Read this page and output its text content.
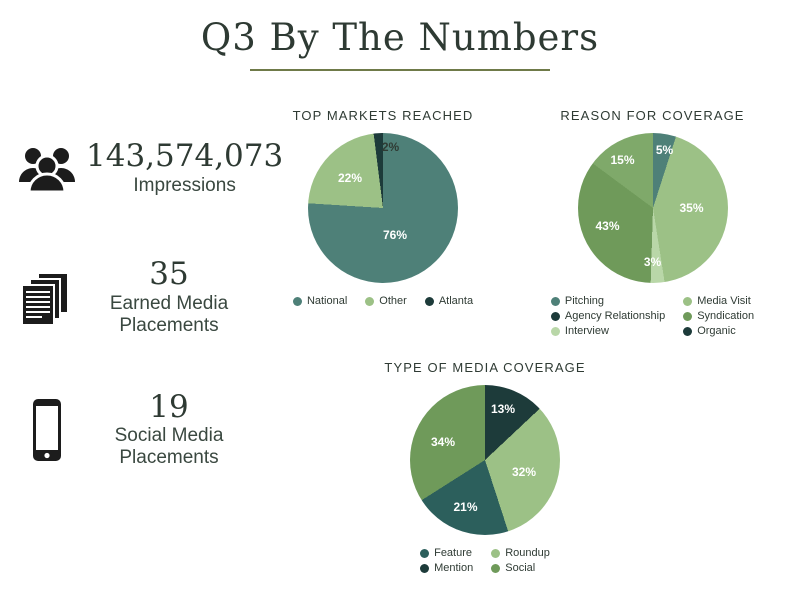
Q3 By The Numbers
143,574,073
Impressions
35
Earned Media Placements
19
Social Media Placements
TOP MARKETS REACHED
76%
22%
2%
National	Other	Atlanta
REASON FOR COVERAGE
5%
35%
3%
43%
15%
Pitching	Media Visit
Agency Relationship	Syndication
Interview	Organic
TYPE OF MEDIA COVERAGE
13%
32%
21%
34%
Feature	Roundup
Mention	Social
